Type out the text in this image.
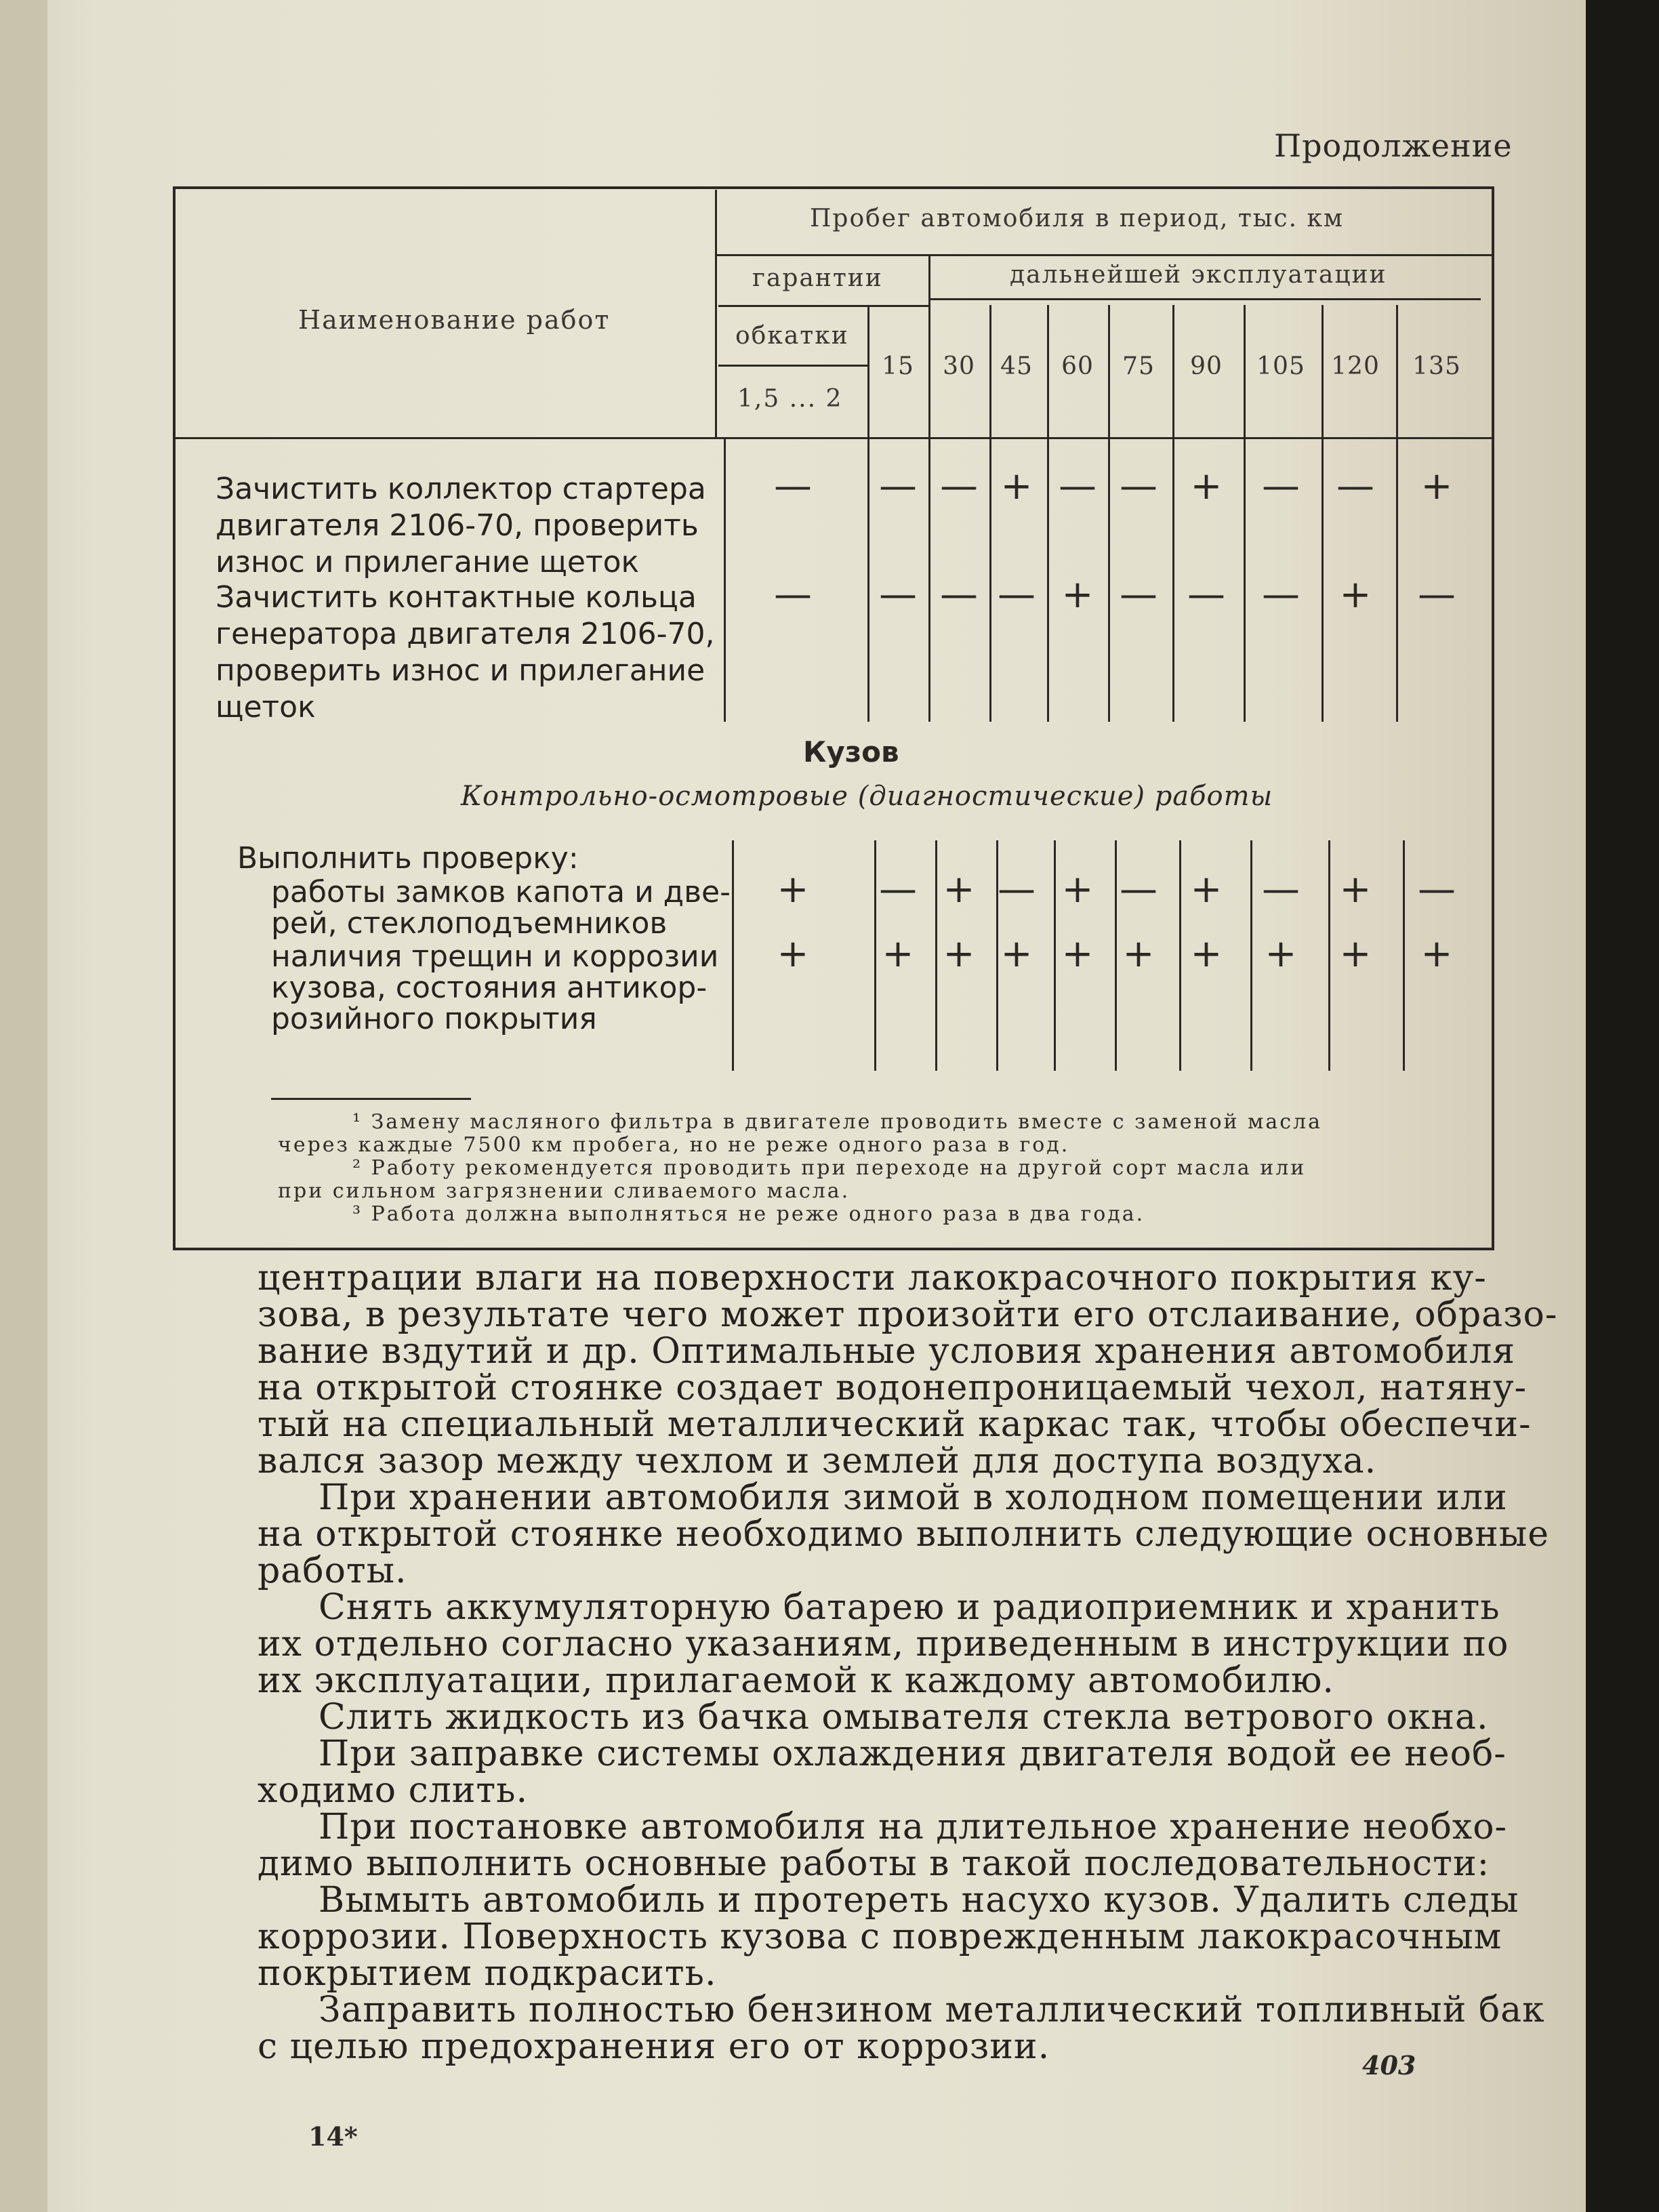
Продолжение
Наименование работ
Пробег автомобиля в период, тыс. км
гарантии	дальнейшей эксплуатации
обкатки
1,5 ... 2
15	30	45	60	75	90	105 120 135
Зачистить коллектор стартера
двигателя 2106-70, проверить
износ и прилегание щеток
— — — + — — + — — +
Зачистить контактные кольца
генератора двигателя 2106-70,
проверить износ и прилегание
щеток
— — — — + — — — + —
Кузов
Контрольно-осмотровые (диагностические) работы
Выполнить проверку:
работы замков капота и две-
рей, стеклоподъемников
+ — + — + — + — + —
наличия трещин и коррозии
кузова, состояния антикор-
розийного покрытия
+ + + + + + + + + +
¹ Замену масляного фильтра в двигателе проводить вместе с заменой масла
через каждые 7500 км пробега, но не реже одного раза в год.
² Работу рекомендуется проводить при переходе на другой сорт масла или
при сильном загрязнении сливаемого масла.
³ Работа должна выполняться не реже одного раза в два года.
центрации влаги на поверхности лакокрасочного покрытия ку-
зова, в результате чего может произойти его отслаивание, образо-
вание вздутий и др. Оптимальные условия хранения автомобиля
на открытой стоянке создает водонепроницаемый чехол, натяну-
тый на специальный металлический каркас так, чтобы обеспечи-
вался зазор между чехлом и землей для доступа воздуха.
При хранении автомобиля зимой в холодном помещении или
на открытой стоянке необходимо выполнить следующие основные
работы.
Снять аккумуляторную батарею и радиоприемник и хранить
их отдельно согласно указаниям, приведенным в инструкции по
их эксплуатации, прилагаемой к каждому автомобилю.
Слить жидкость из бачка омывателя стекла ветрового окна.
При заправке системы охлаждения двигателя водой ее необ-
ходимо слить.
При постановке автомобиля на длительное хранение необхо-
димо выполнить основные работы в такой последовательности:
Вымыть автомобиль и протереть насухо кузов. Удалить следы
коррозии. Поверхность кузова с поврежденным лакокрасочным
покрытием подкрасить.
Заправить полностью бензином металлический топливный бак
с целью предохранения его от коррозии.	403
14*
